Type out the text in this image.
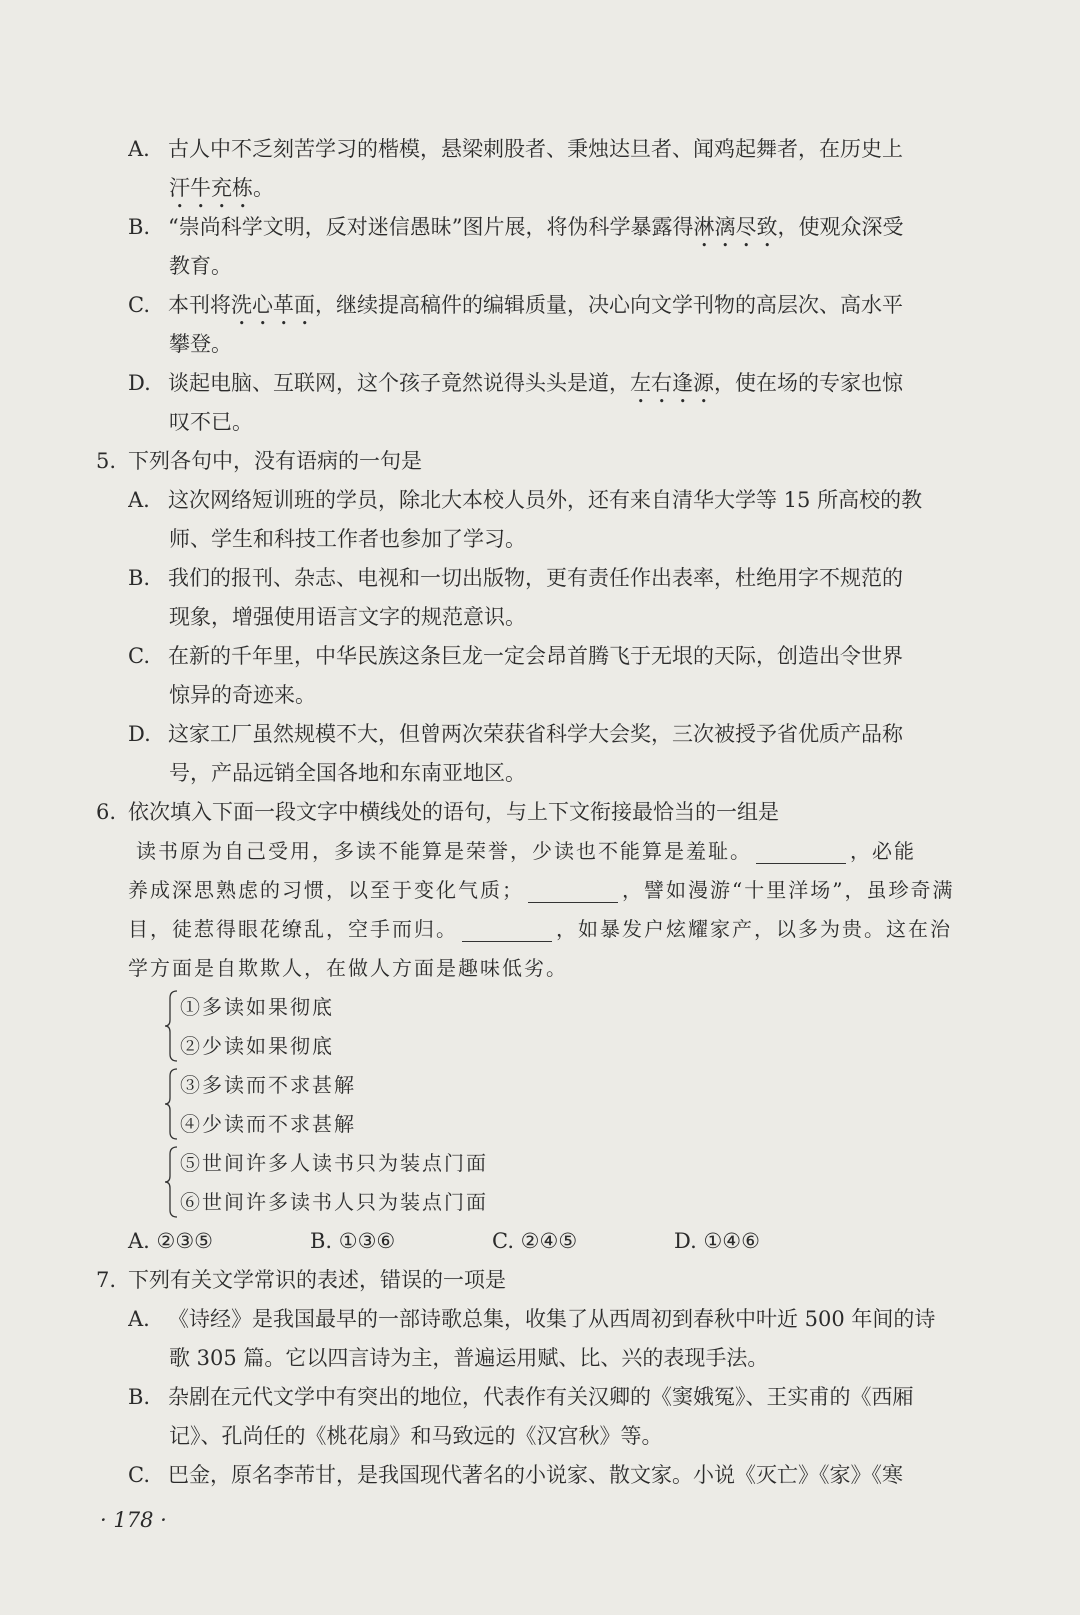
A. 古人中不乏刻苦学习的楷模，悬梁刺股者、秉烛达旦者、闻鸡起舞者，在历史上
汗牛充栋。
B. “崇尚科学文明，反对迷信愚昧”图片展，将伪科学暴露得淋漓尽致，使观众深受
教育。
C. 本刊将洗心革面，继续提高稿件的编辑质量，决心向文学刊物的高层次、高水平
攀登。
D. 谈起电脑、互联网，这个孩子竟然说得头头是道，左右逢源，使在场的专家也惊
叹不已。
5. 下列各句中，没有语病的一句是
A. 这次网络短训班的学员，除北大本校人员外，还有来自清华大学等 15 所高校的教
师、学生和科技工作者也参加了学习。
B. 我们的报刊、杂志、电视和一切出版物，更有责任作出表率，杜绝用字不规范的
现象，增强使用语言文字的规范意识。
C. 在新的千年里，中华民族这条巨龙一定会昂首腾飞于无垠的天际，创造出令世界
惊异的奇迹来。
D. 这家工厂虽然规模不大，但曾两次荣获省科学大会奖，三次被授予省优质产品称
号，产品远销全国各地和东南亚地区。
6. 依次填入下面一段文字中横线处的语句，与上下文衔接最恰当的一组是
读书原为自己受用，多读不能算是荣誉，少读也不能算是羞耻。	，必能
养成深思熟虑的习惯，以至于变化气质；	，譬如漫游“十里洋场”，虽珍奇满
目，徒惹得眼花缭乱，空手而归。	，如暴发户炫耀家产，以多为贵。这在治
学方面是自欺欺人，在做人方面是趣味低劣。
①多读如果彻底
②少读如果彻底
③多读而不求甚解
④少读而不求甚解
⑤世间许多人读书只为装点门面
⑥世间许多读书人只为装点门面
A. ②③⑤	B. ①③⑥	C. ②④⑤	D. ①④⑥
7. 下列有关文学常识的表述，错误的一项是
A. 《诗经》是我国最早的一部诗歌总集，收集了从西周初到春秋中叶近 500 年间的诗
歌 305 篇。它以四言诗为主，普遍运用赋、比、兴的表现手法。
B. 杂剧在元代文学中有突出的地位，代表作有关汉卿的《窦娥冤》、王实甫的《西厢
记》、孔尚任的《桃花扇》和马致远的《汉宫秋》等。
C. 巴金，原名李芾甘，是我国现代著名的小说家、散文家。小说《灭亡》《家》《寒
· 178 ·
